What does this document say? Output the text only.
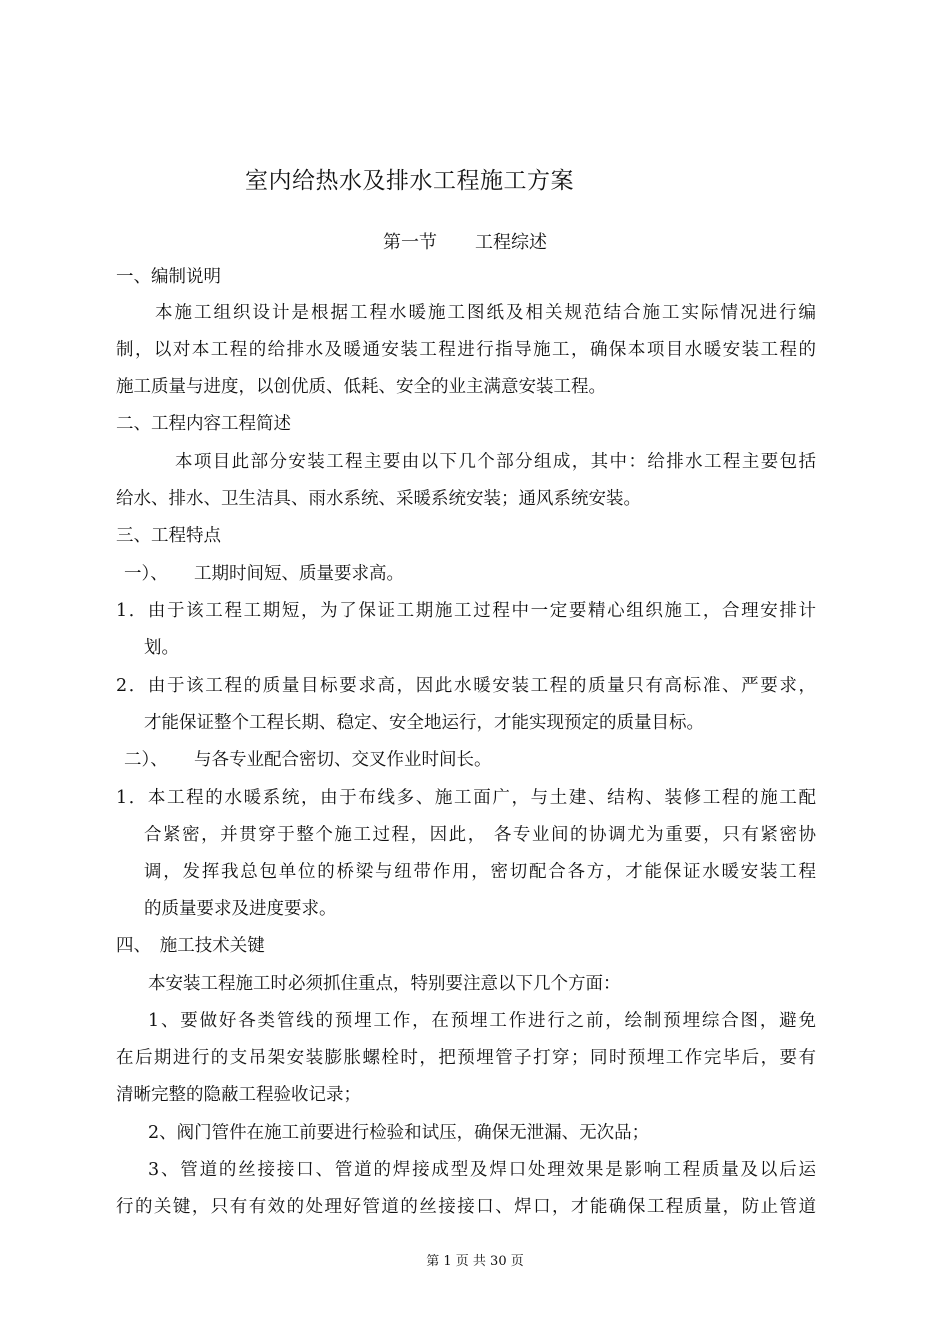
室内给热水及排水工程施工方案
第一节 工程综述
一、编制说明
本施工组织设计是根据工程水暖施工图纸及相关规范结合施工实际情况进行编
制，以对本工程的给排水及暖通安装工程进行指导施工，确保本项目水暖安装工程的
施工质量与进度，以创优质、低耗、安全的业主满意安装工程。
二、工程内容工程简述
本项目此部分安装工程主要由以下几个部分组成，其中：给排水工程主要包括
给水、排水、卫生洁具、雨水系统、采暖系统安装；通风系统安装。
三、工程特点
一）、　　工期时间短、质量要求高。
1．由于该工程工期短，为了保证工期施工过程中一定要精心组织施工，合理安排计
划。
2．由于该工程的质量目标要求高，因此水暖安装工程的质量只有高标准、严要求，
才能保证整个工程长期、稳定、安全地运行，才能实现预定的质量目标。
二）、　　与各专业配合密切、交叉作业时间长。
1．本工程的水暖系统，由于布线多、施工面广，与土建、结构、装修工程的施工配
合紧密，并贯穿于整个施工过程，因此， 各专业间的协调尤为重要，只有紧密协
调，发挥我总包单位的桥梁与纽带作用，密切配合各方，才能保证水暖安装工程
的质量要求及进度要求。
四、　施工技术关键
本安装工程施工时必须抓住重点，特别要注意以下几个方面：
1、要做好各类管线的预埋工作，在预埋工作进行之前，绘制预埋综合图，避免
在后期进行的支吊架安装膨胀螺栓时，把预埋管子打穿；同时预埋工作完毕后，要有
清晰完整的隐蔽工程验收记录；
2、阀门管件在施工前要进行检验和试压，确保无泄漏、无次品；
3、管道的丝接接口、管道的焊接成型及焊口处理效果是影响工程质量及以后运
行的关键，只有有效的处理好管道的丝接接口、焊口，才能确保工程质量，防止管道
第 1 页 共 30 页
